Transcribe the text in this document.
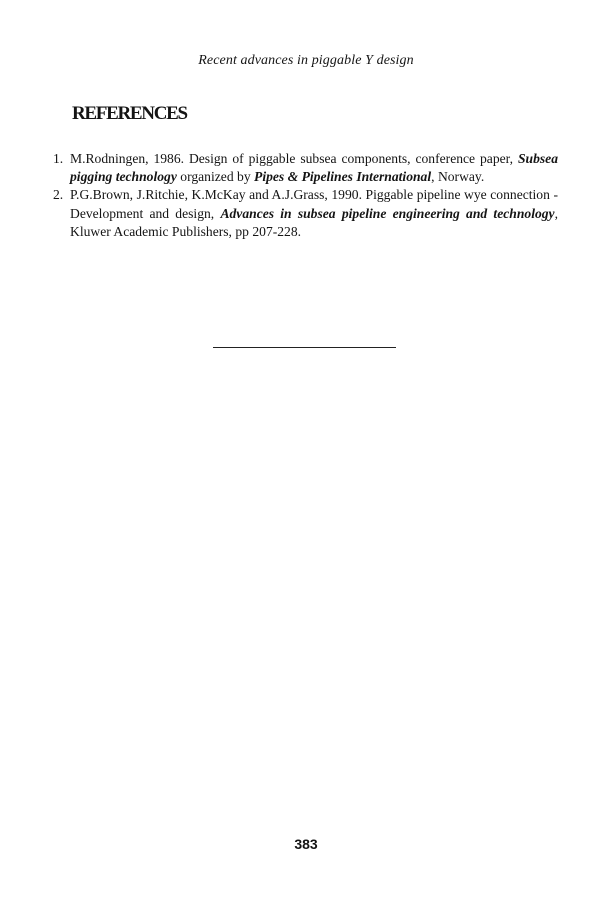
Recent advances in piggable Y design
REFERENCES
1. M.Rodningen, 1986. Design of piggable subsea components, conference paper, Subsea pigging technology organized by Pipes & Pipelines International, Norway.
2. P.G.Brown, J.Ritchie, K.McKay and A.J.Grass, 1990. Piggable pipeline wye connection - Development and design, Advances in subsea pipeline engineering and technology, Kluwer Academic Publishers, pp 207-228.
383
